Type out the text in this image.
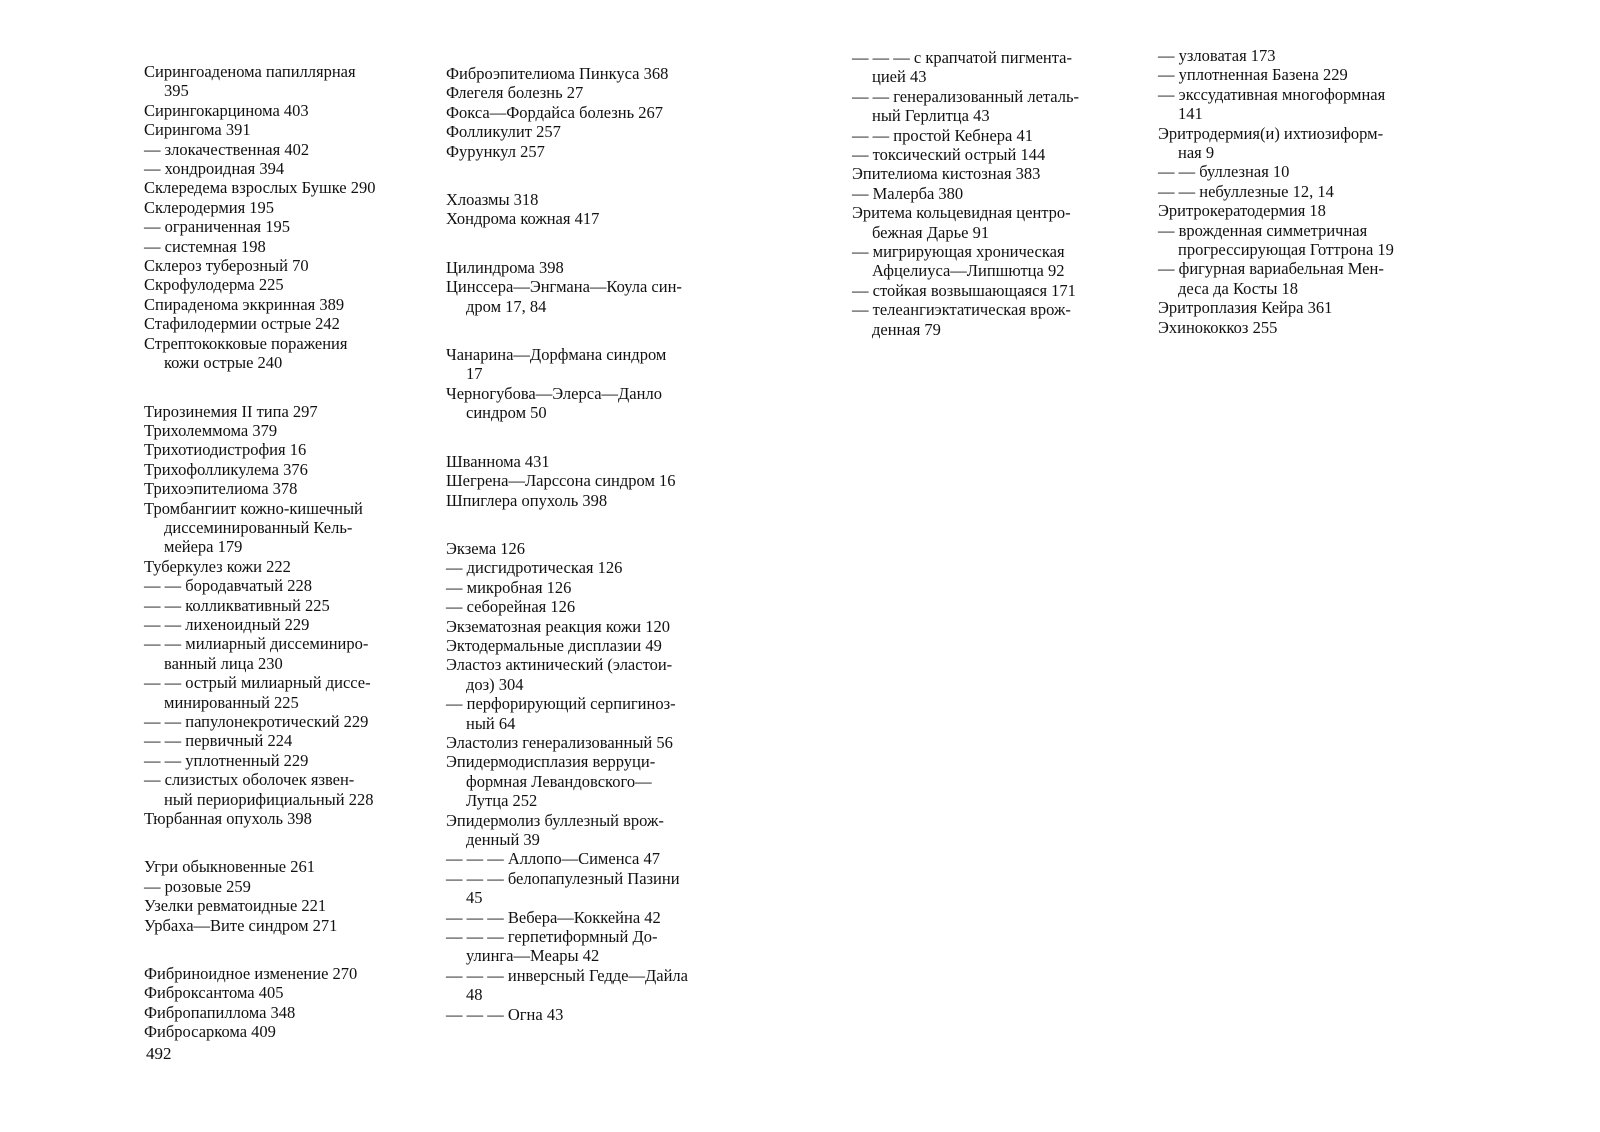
Сирингоаденома папиллярная
395
Сирингокарцинома 403
Сирингома 391
— злокачественная 402
— хондроидная 394
Склередема взрослых Бушке 290
Склеродермия 195
— ограниченная 195
— системная 198
Склероз туберозный 70
Скрофулодерма 225
Спираденома эккринная 389
Стафилодермии острые 242
Стрептококковые поражения
кожи острые 240
Тирозинемия II типа 297
Трихолеммома 379
Трихотиодистрофия 16
Трихофолликулема 376
Трихоэпителиома 378
Тромбангиит кожно-кишечный
диссеминированный Кель-
мейера 179
Туберкулез кожи 222
— — бородавчатый 228
— — колликвативный 225
— — лихеноидный 229
— — милиарный диссеминиро-
ванный лица 230
— — острый милиарный диссе-
минированный 225
— — папулонекротический 229
— — первичный 224
— — уплотненный 229
— слизистых оболочек язвен-
ный периорифициальный 228
Тюрбанная опухоль 398
Угри обыкновенные 261
— розовые 259
Узелки ревматоидные 221
Урбаха—Вите синдром 271
Фибриноидное изменение 270
Фиброксантома 405
Фибропапиллома 348
Фибросаркома 409
Фиброэпителиома Пинкуса 368
Флегеля болезнь 27
Фокса—Фордайса болезнь 267
Фолликулит 257
Фурункул 257
Хлоазмы 318
Хондрома кожная 417
Цилиндрома 398
Цинссера—Энгмана—Коула син-
дром 17, 84
Чанарина—Дорфмана синдром
17
Черногубова—Элерса—Данло
синдром 50
Шваннома 431
Шегрена—Ларссона синдром 16
Шпиглера опухоль 398
Экзема 126
— дисгидротическая 126
— микробная 126
— себорейная 126
Экзематозная реакция кожи 120
Эктодермальные дисплазии 49
Эластоз актинический (эластои-
доз) 304
— перфорирующий серпигиноз-
ный 64
Эластолиз генерализованный 56
Эпидермодисплазия верруци-
формная Левандовского—
Лутца 252
Эпидермолиз буллезный врож-
денный 39
— — — Аллопо—Сименса 47
— — — белопапулезный Пазини
45
— — — Вебера—Коккейна 42
— — — герпетиформный До-
улинга—Меары 42
— — — инверсный Гедде—Дайла
48
— — — Огна 43
— — — с крапчатой пигмента-
цией 43
— — генерализованный леталь-
ный Герлитца 43
— — простой Кебнера 41
— токсический острый 144
Эпителиома кистозная 383
— Малерба 380
Эритема кольцевидная центро-
бежная Дарье 91
— мигрирующая хроническая
Афцелиуса—Липшютца 92
— стойкая возвышающаяся 171
— телеангиэктатическая врож-
денная 79
— узловатая 173
— уплотненная Базена 229
— экссудативная многоформная
141
Эритродермия(и) ихтиозиформ-
ная 9
— — буллезная 10
— — небуллезные 12, 14
Эритрокератодермия 18
— врожденная симметричная
прогрессирующая Готтрона 19
— фигурная вариабельная Мен-
деса да Косты 18
Эритроплазия Кейра 361
Эхинококкоз 255
492
